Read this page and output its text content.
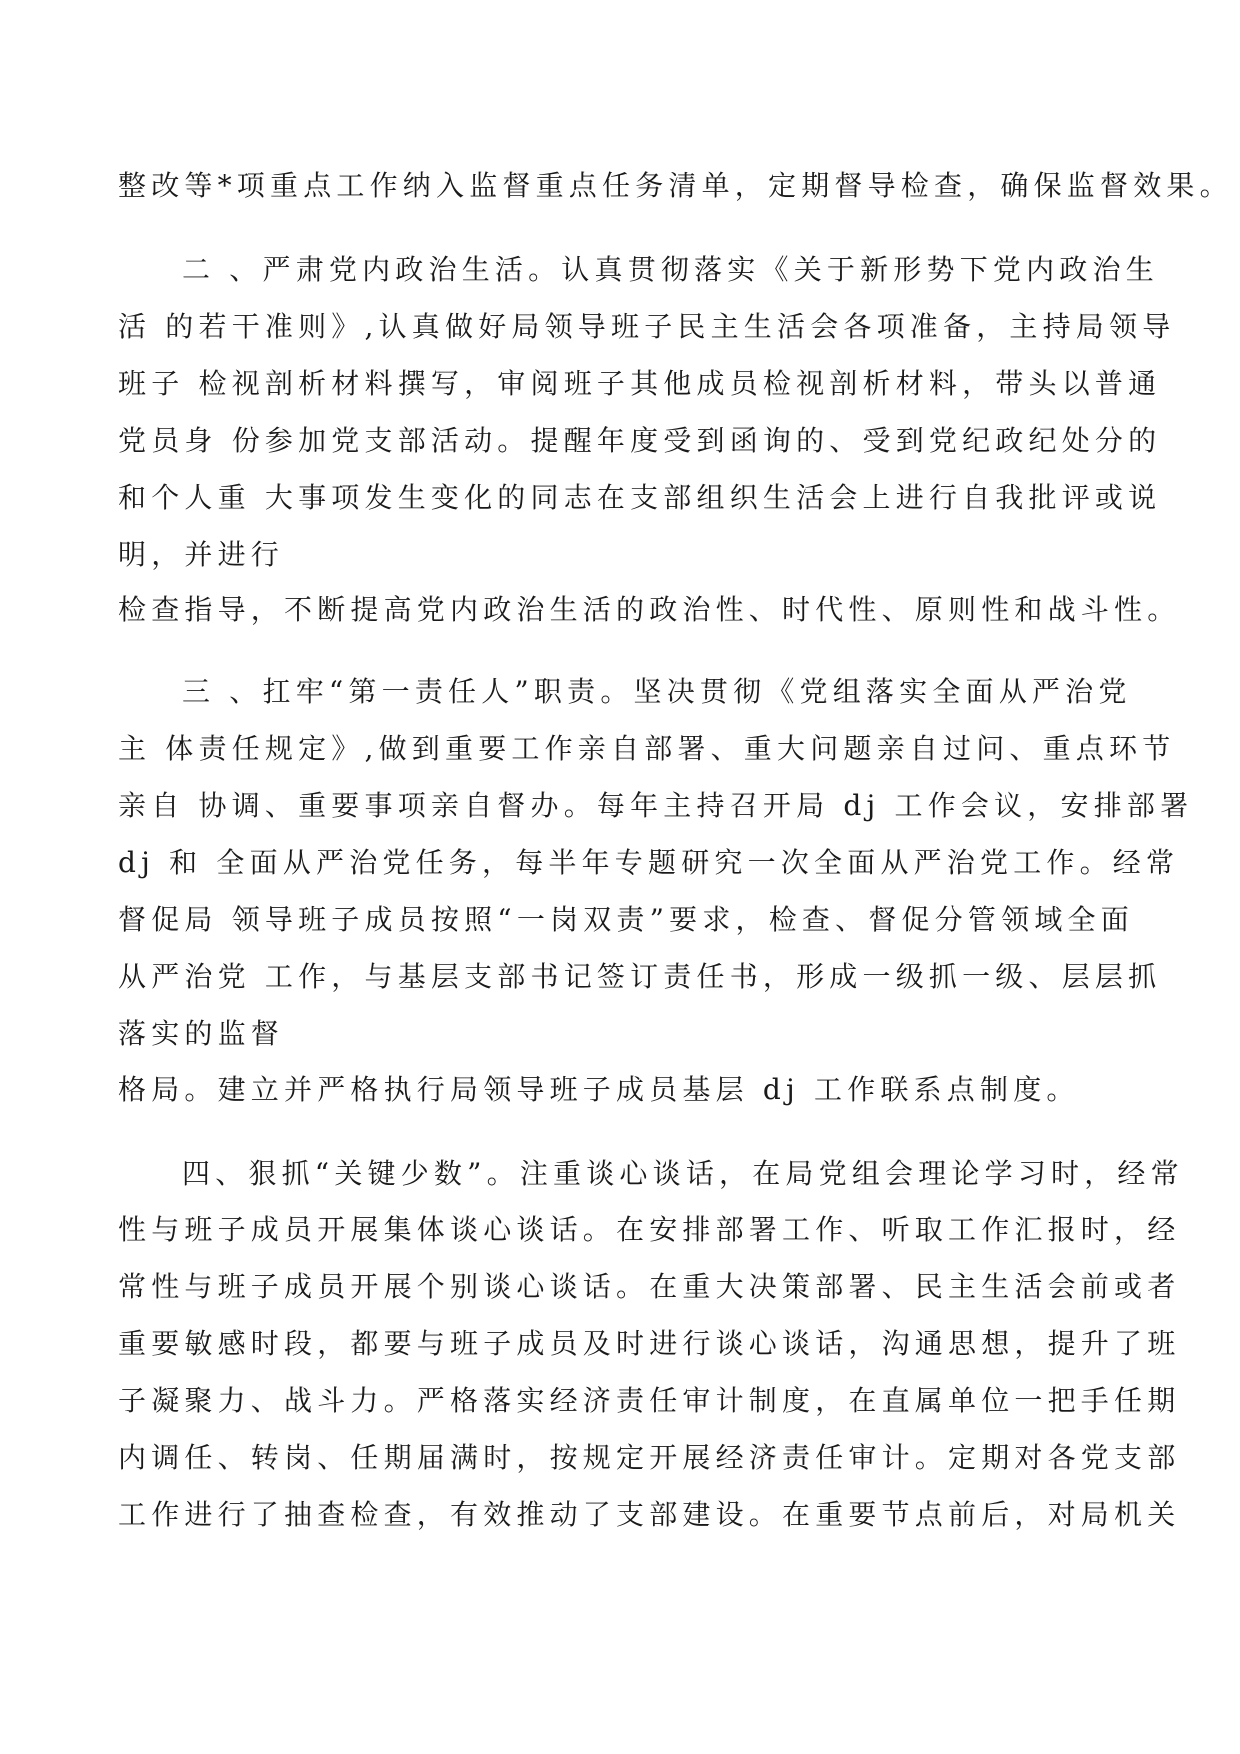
整改等*项重点工作纳入监督重点任务清单，定期督导检查，确保监督效果。
二 、严肃党内政治生活。认真贯彻落实《关于新形势下党内政治生
活 的若干准则》,认真做好局领导班子民主生活会各项准备，主持局领导
班子 检视剖析材料撰写，审阅班子其他成员检视剖析材料，带头以普通
党员身 份参加党支部活动。提醒年度受到函询的、受到党纪政纪处分的
和个人重 大事项发生变化的同志在支部组织生活会上进行自我批评或说
明，并进行
检查指导，不断提高党内政治生活的政治性、时代性、原则性和战斗性。
三 、扛牢“第一责任人”职责。坚决贯彻《党组落实全面从严治党
主 体责任规定》,做到重要工作亲自部署、重大问题亲自过问、重点环节
亲自 协调、重要事项亲自督办。每年主持召开局 dj 工作会议，安排部署
dj 和 全面从严治党任务，每半年专题研究一次全面从严治党工作。经常
督促局 领导班子成员按照“一岗双责”要求，检查、督促分管领域全面
从严治党 工作，与基层支部书记签订责任书，形成一级抓一级、层层抓
落实的监督
格局。建立并严格执行局领导班子成员基层 dj 工作联系点制度。
四、狠抓“关键少数”。注重谈心谈话，在局党组会理论学习时，经常
性与班子成员开展集体谈心谈话。在安排部署工作、听取工作汇报时，经
常性与班子成员开展个别谈心谈话。在重大决策部署、民主生活会前或者
重要敏感时段，都要与班子成员及时进行谈心谈话，沟通思想，提升了班
子凝聚力、战斗力。严格落实经济责任审计制度，在直属单位一把手任期
内调任、转岗、任期届满时，按规定开展经济责任审计。定期对各党支部
工作进行了抽查检查，有效推动了支部建设。在重要节点前后，对局机关
